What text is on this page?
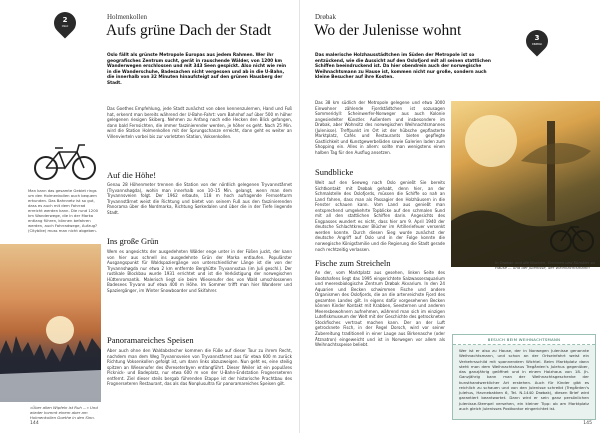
2
OSLO
Holmenkollen
Aufs grüne Dach der Stadt
Oslo fällt als grünste Metropole Europas aus jedem Rahmen. Wer ihr geografisches Zentrum sucht, gerät in rauschende Wälder, von 1200 km Wanderwegen erschlossen und mit 343 Seen gespickt. Also nicht wie rein in die Wanderschuhe, Badesachen nicht vergessen und ab in die U-Bahn, die innerhalb von 32 Minuten hinaufsteigt auf den grünen Hausberg der Stadt.
Das Goethes Empfehlung, jede Stadt zunächst von oben kennenzulernen, Hand und Fuß hat, erkennt man bereits während der U-Bahn-Fahrt: vom Bahnhof auf über 500 m höher gelegenen riesigen Skiberg. Nehmen zu Anfang noch edle Hecken den Blick gefangen, dann bald Fernsichten, die immer faszinierender werden, je höher es geht. Nach 25 Min. wird die Station Holmenkollen mit der Sprungschanze erreicht, dann geht es weiter an Villenvierteln vorbei bis zur vorletzten Station, Voksenkollen.
Auf die Höhe!
Genau 28 Höhenmeter trennen die Station von der nördlich gelegenen Tryvannstårnet (Tryvannshøgda), wohin man innerhalb von 10–15 Min. gelangt, wenn man dem Tryvannsveien folgt. Der 1962 erbaute, 118 m hoch aufragende Fernsehturm Tryvannstårnet weist die Richtung und bietet von seinem Fuß aus den faszinierenden Panorama über die Nordmarka, Richtung Sørkedalen und über die in der Tiefe liegende Stadt.
Ins große Grün
Wem es angesichts der ausgedehnten Wälder enge unter in der Füßen juckt, der kann von hier aus schnell ins ausgedehnte Grün der Marka entlaufen. Populärster Ausgangspunkt für Waldspaziergänge von unterschiedlicher Länge ist die von der Tryvannshøgda nur etwa 2 km entfernte Berghütte Tryvannsstua (im Juli geschl.). Der rustikale Blockbau wurde 1931 errichtet und ist die Verköstigung der norwegischen Hüttenromantik. Malerisch liegt sie beim Wiesenufer des von Wald umschlossenen Badesees Tryvann auf etwa 400 m Höhe. Im Sommer trifft man hier Wanderer und Spaziergänger, im Winter Snowboarder und Skifahrer.
Panoramareiches Speisen
Aber auch ohne den Waldabstecher kommen die Füße auf dieser Tour zu ihrem Recht, nachdem man dem Weg Tryvannsveien von Tryvannstårnet aus für etwa 600 m zurück Richtung Voksenkollen gefolgt ist, um dann links abzuzweigen. Nun geht es, eine steilig spitzen an Wiesenufer des Øvreseterbyen entlangführt. Dieser Weiler ist ein populäres Picknick- und Badeplatz, nur etwa 600 m von der U-Bahn-Endstation Frognerseteren entfernt. Ziel dieser steils bergab führenden Etappe ist der historische Prachtbau des Frognerseteren Restaurant, das als das Nonplusultra für panoramareiches Speisen gilt.
Man kann das gesamte Gebiet rings um den Holmenkollen auch bequem erkunden. Das Bahnnetz ist so gut, dass es auch mit dem Fahrrad erreicht werden kann. Die rund 1200 km Wanderwege, die in der Marka entlang führen, können befahren werden, auch Fahrradwege, Aufzug? (Citybike) muss man nicht abgeben.
»Über allen Wipfeln ist Ruh ...« Und wieder kommt einem aber am Holmenkollen Goethe in den Sinn.
144
Drøbak
Wo der Julenisse wohnt
Das malerische Holzhausstädtchen im Süden der Metropole ist so entzückend, wie die Aussicht auf den Oslofjord mit all seinen stattlichen Schiffen beeindruckend ist. Da hier obendrein auch der norwegische Weihnachtsmann zu Hause ist, kommen nicht nur große, sondern auch kleine Besucher auf ihre Kosten.
3
DRØBAK
Das 38 km südlich der Metropole gelegene und etwa 3000 Einwohner zählende Fjordstädtchen ist sozusagen Sommeridyll: Scheinwerfer-Norweger aus auch Kolonie angesiedelter Künstler. Außerdem und insbesondere im Drøbak, aber Wohnsitz des norwegischen Weihnachtsmannes (Julenisse). Treffpunkt im Ort ist der hübsche gepflasterte Marktplatz, Cafés und Restaurants bieten gepflegte Gastlichkeit und Kunstgewerbeläden sowie Galerien laden zum Shopping ein. Alles in allem: sollte man wenigstens einen halben Tag für den Ausflug ansetzen.
Sundblicke
Weit auf den Seeweg nach Oslo genießt Sie bereits Sichtkontakt mit Drøbak gehabt, denn hier, an der Schmalstelle des Oslofjords, müssen die Schiffe so nah an Land fahren, dass man als Passagier den Holzhäusern in die Fenster schauen kann. Vom Land aus genießt man entsprechend umgekehrte Topblicke auf den schmalen Sund mit all den stattlichen Schiffen darin. Angesichts des Engpasses wundert es nicht, dass hier am 9. April 1940 der deutsche Schlachtkreuzer Blücher im Artilleriefeuer versenkt werden konnte. Durch diesen Sieg wurde zunächst der deutsche Angriff auf Oslo und in der Folge konnte die norwegische Königsfamilie und die Regierung die Stadt gerade noch rechtzeitig verlassen.
Fische zum Streicheln
An der, vom Marktplatz aus gesehen, linken Seite des Bootshafens liegt das 1995 eingerichtete Salzwasseraquarium und meeresbiologische Zentrum Drøbak Akvarium. In den 24 Aquarien und Becken schwimmen Fische und andere Organismen des Oslofjords, die an die artenreichste Fjord des gesamten Landes gilt. In eigens dafür vorgesehenen Becken können Kinder Kontakt mit Krabben, Seesternen und anderen Meeresbewohnern aufnehmen, während man sich im einzigen Lutefiskmuseum der Welt mit der Geschichte des getrockneten Stockfisches vertraut machen kann. Der an der Luft getrocknete Fisch, in der Regel Dorsch, wird vor seiner Zubereitung traditionell in einer Lauge aus Birkenasche (oder Ätznatron) eingeweicht und ist in Norwegen vor allem als Weihnachtsspeise beliebt.
In Drøbak und die Nischen, Schönen und Künstler zu Hause ... und der Julenisse, der Weihnachtsmann!
BESUCH BEIM WEIHNACHTSMANN
Wer ist er also zu Hause, der in Norwegen Julenisse genannte Weihnachtsmann, und schon an der Ortseinfahrt weist ein Verkehrsschild mit spannendem Wichtel. Beim Marktplatz dann steht man dem Weihnachtshaus Tregården's Julehus gegenüber, das ganzjährig geöffnet und in einem Holzhaus von 18. Jh. Ganzjährig kann man der Weihnachtsgeschenke der kunsthandwerklicher Art erstehen. Auch für Kinder gibt es reichlich zu schauen und von den Julenisse schreibt (Tregården's Julehus, Havnebakken 6, Tel. N-1440 Drøbak), diesen Brief wird garantiert beantwortet. Dann wird er sein ganz persönlichen Julenisse-Stempel versehen, ein kleiner Tipp: ob am Marktplatz auch gleich Julenisses Postkontor eingerichtet ist.
145
